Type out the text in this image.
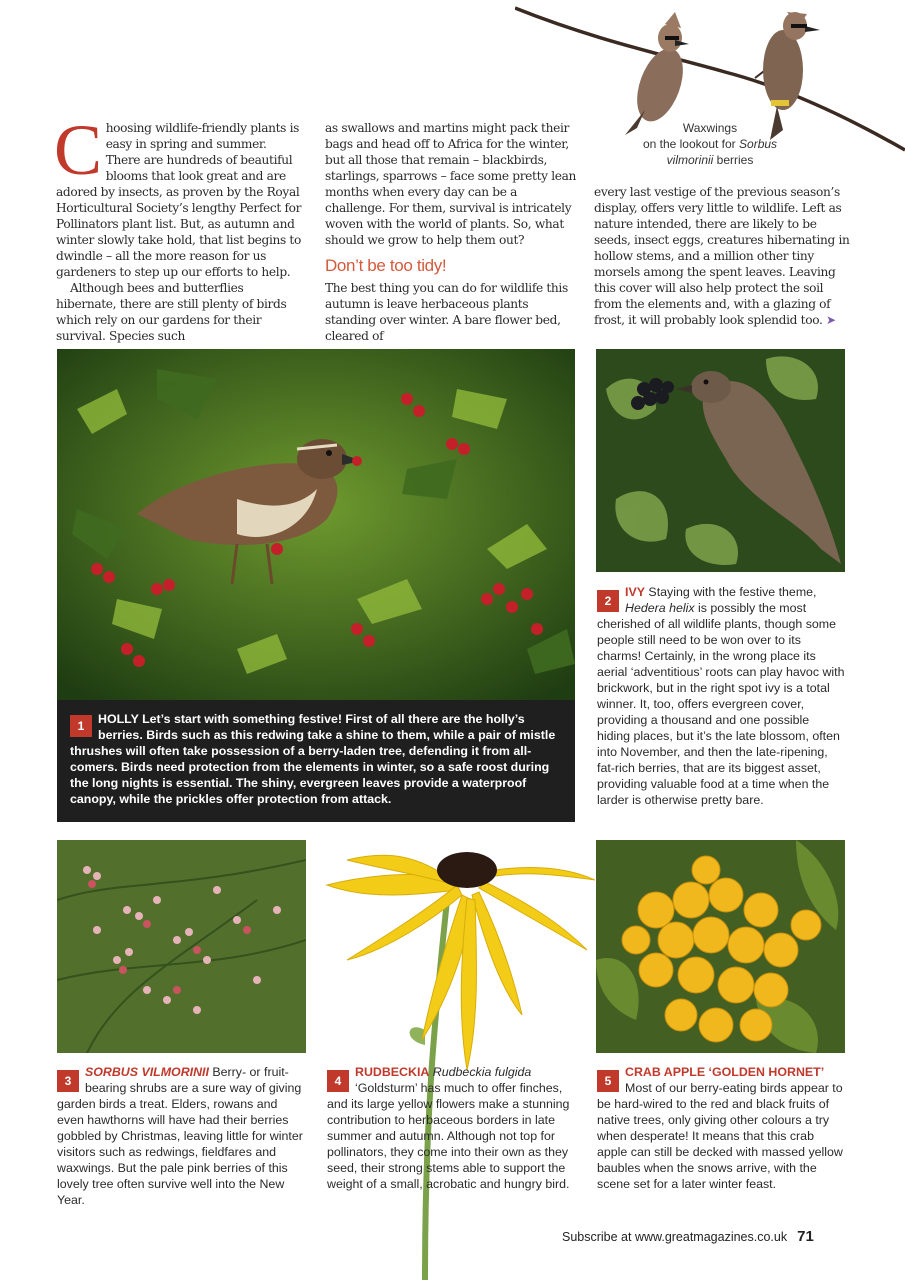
Waxwings
on the lookout for Sorbus
vilmorinii berries
C hoosing wildlife-friendly plants is easy in spring and summer. There are hundreds of beautiful blooms that look great and are adored by insects, as proven by the Royal Horticultural Society’s lengthy Perfect for Pollinators plant list. But, as autumn and winter slowly take hold, that list begins to dwindle – all the more reason for us gardeners to step up our efforts to help.

Although bees and butterflies hibernate, there are still plenty of birds which rely on our gardens for their survival. Species such

as swallows and martins might pack their bags and head off to Africa for the winter, but all those that remain – blackbirds, starlings, sparrows – face some pretty lean months when every day can be a challenge. For them, survival is intricately woven with the world of plants. So, what should we grow to help them out?

Don’t be too tidy!

The best thing you can do for wildlife this autumn is leave herbaceous plants standing over winter. A bare flower bed, cleared of

every last vestige of the previous season’s display, offers very little to wildlife. Left as nature intended, there are likely to be seeds, insect eggs, creatures hibernating in hollow stems, and a million other tiny morsels among the spent leaves. Leaving this cover will also help protect the soil from the elements and, with a glazing of frost, it will probably look splendid too. ➤

1	HOLLY Let’s start with something festive! First of all there are the holly’s berries. Birds such as this redwing take a shine to them, while a pair of mistle thrushes will often take possession of a berry-laden tree, defending it from all-comers. Birds need protection from the elements in winter, so a safe roost during the long nights is essential. The shiny, evergreen leaves provide a waterproof canopy, while the prickles offer protection from attack.
2
IVY Staying with the festive theme, Hedera helix is possibly the most cherished of all wildlife plants, though some people still need to be won over to its charms! Certainly, in the wrong place its aerial ‘adventitious’ roots can play havoc with brickwork, but in the right spot ivy is a total winner. It, too, offers evergreen cover, providing a thousand and one possible hiding places, but it’s the late blossom, often into November, and then the late-ripening, fat-rich berries, that are its biggest asset, providing valuable food at a time when the larder is otherwise pretty bare.
3
SORBUS VILMORINII Berry- or fruit-bearing shrubs are a sure way of giving garden birds a treat. Elders, rowans and even hawthorns will have had their berries gobbled by Christmas, leaving little for winter visitors such as redwings, fieldfares and waxwings. But the pale pink berries of this lovely tree often survive well into the New Year.
4
RUDBECKIA Rudbeckia fulgida ‘Goldsturm’ has much to offer finches, and its large yellow flowers make a stunning contribution to herbaceous borders in late summer and autumn. Although not top for pollinators, they come into their own as they seed, their strong stems able to support the weight of a small, acrobatic and hungry bird.
5
CRAB APPLE ‘GOLDEN HORNET’ Most of our berry-eating birds appear to be hard-wired to the red and black fruits of native trees, only giving other colours a try when desperate! It means that this crab apple can still be decked with massed yellow baubles when the snows arrive, with the scene set for a later winter feast.
Subscribe at www.greatmagazines.co.uk 71
